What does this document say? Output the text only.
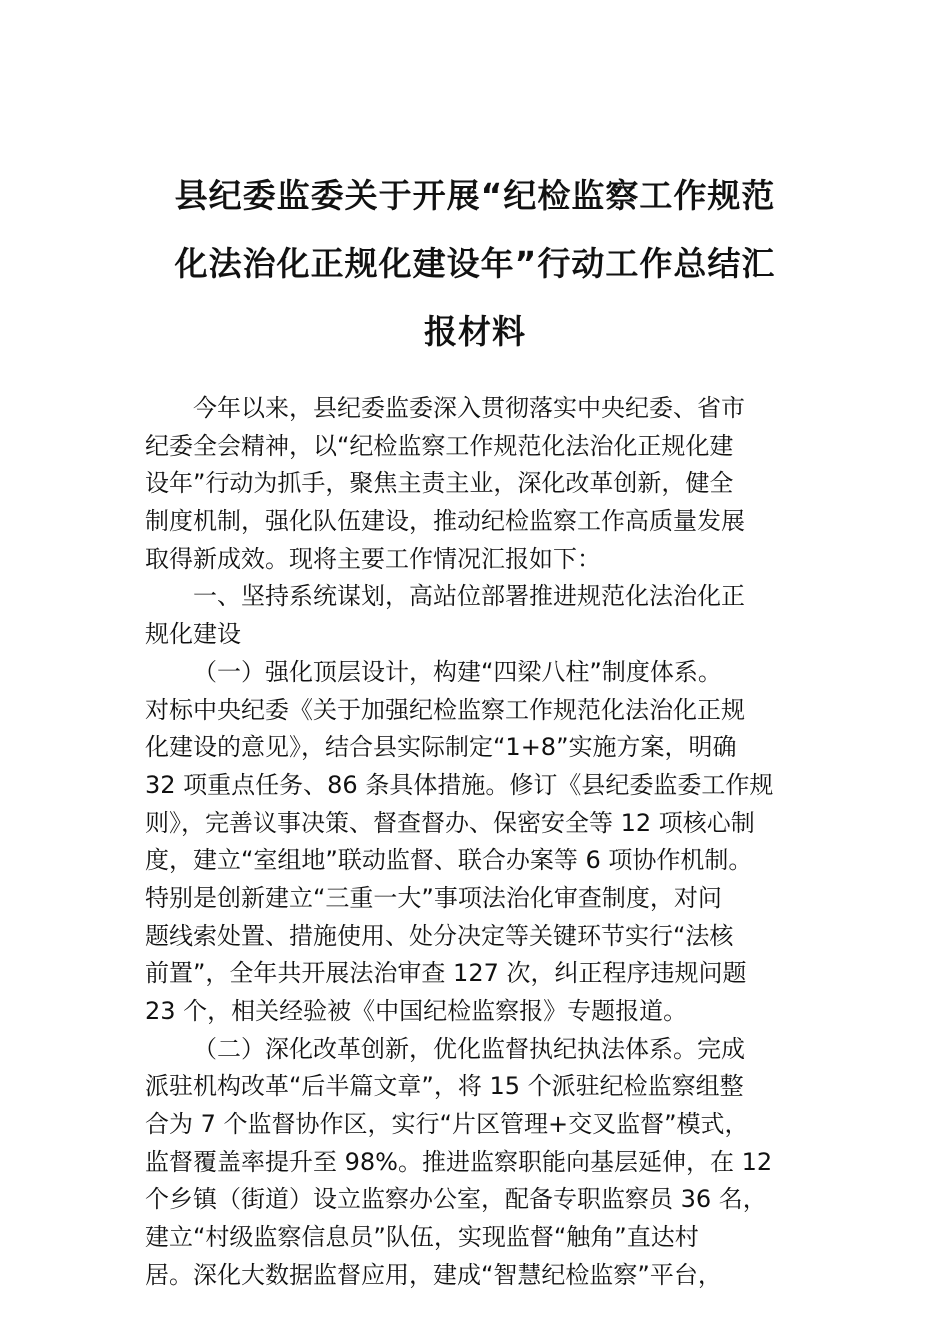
县纪委监委关于开展“纪检监察工作规范
化法治化正规化建设年”行动工作总结汇
报材料
今年以来，县纪委监委深入贯彻落实中央纪委、省市
纪委全会精神，以“纪检监察工作规范化法治化正规化建
设年”行动为抓手，聚焦主责主业，深化改革创新，健全
制度机制，强化队伍建设，推动纪检监察工作高质量发展
取得新成效。现将主要工作情况汇报如下：
一、坚持系统谋划，高站位部署推进规范化法治化正
规化建设
（一）强化顶层设计，构建“四梁八柱”制度体系。
对标中央纪委《关于加强纪检监察工作规范化法治化正规
化建设的意见》，结合县实际制定“1+8”实施方案，明确
32 项重点任务、86 条具体措施。修订《县纪委监委工作规
则》，完善议事决策、督查督办、保密安全等 12 项核心制
度，建立“室组地”联动监督、联合办案等 6 项协作机制。
特别是创新建立“三重一大”事项法治化审查制度，对问
题线索处置、措施使用、处分决定等关键环节实行“法核
前置”，全年共开展法治审查 127 次，纠正程序违规问题
23 个，相关经验被《中国纪检监察报》专题报道。
（二）深化改革创新，优化监督执纪执法体系。完成
派驻机构改革“后半篇文章”，将 15 个派驻纪检监察组整
合为 7 个监督协作区，实行“片区管理+交叉监督”模式，
监督覆盖率提升至 98%。推进监察职能向基层延伸，在 12
个乡镇（街道）设立监察办公室，配备专职监察员 36 名，
建立“村级监察信息员”队伍，实现监督“触角”直达村
居。深化大数据监督应用，建成“智慧纪检监察”平台，
